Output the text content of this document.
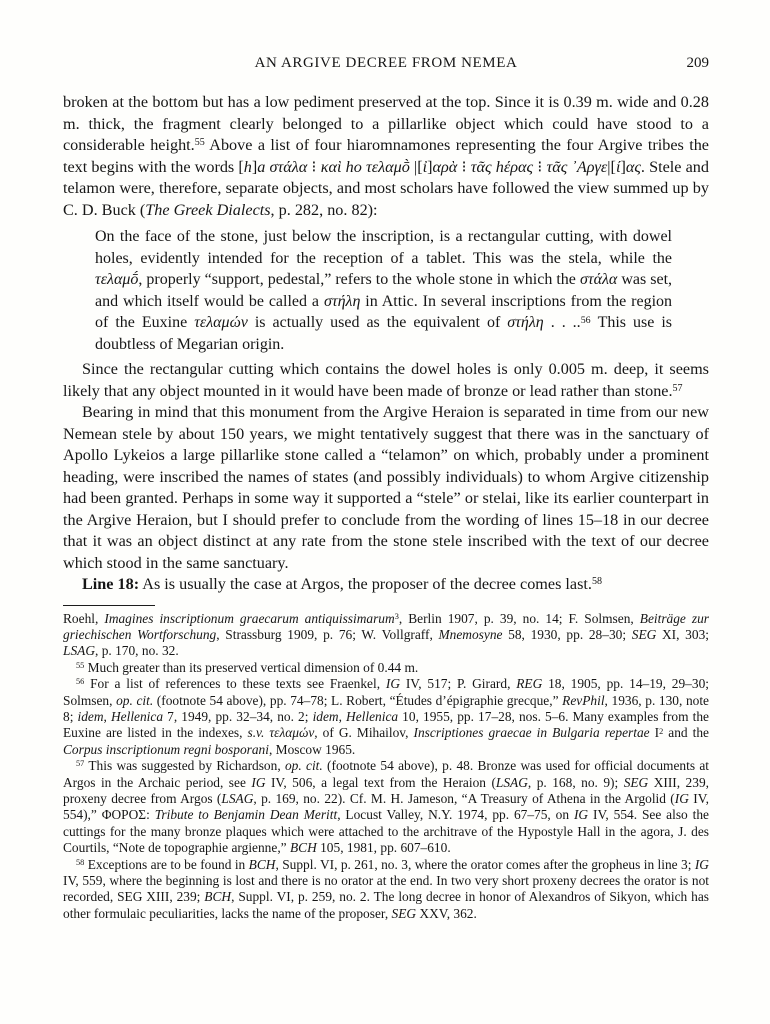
AN ARGIVE DECREE FROM NEMEA	209

broken at the bottom but has a low pediment preserved at the top. Since it is 0.39 m. wide and 0.28 m. thick, the fragment clearly belonged to a pillarlike object which could have stood to a considerable height.$^{55}$ Above a list of four hiaromnamones representing the four Argive tribes the text begins with the words [h]a στάλα ⁝ καὶ ho τελαμṑ |[ἰ]αρὰ ⁝ τᾶς hέρας ⁝ τᾶς ᾿Αργε|[ί]ας. Stele and telamon were, therefore, separate objects, and most scholars have followed the view summed up by C. D. Buck (The Greek Dialects, p. 282, no. 82):

On the face of the stone, just below the inscription, is a rectangular cutting, with dowel holes, evidently intended for the reception of a tablet. This was the stela, while the τελαμṓ, properly “support, pedestal,” refers to the whole stone in which the στάλα was set, and which itself would be called a στήλη in Attic. In several inscriptions from the region of the Euxine τελαμών is actually used as the equivalent of στήλη . . ..$^{56}$ This use is doubtless of Megarian origin.

Since the rectangular cutting which contains the dowel holes is only 0.005 m. deep, it seems likely that any object mounted in it would have been made of bronze or lead rather than stone.$^{57}$

Bearing in mind that this monument from the Argive Heraion is separated in time from our new Nemean stele by about 150 years, we might tentatively suggest that there was in the sanctuary of Apollo Lykeios a large pillarlike stone called a “telamon” on which, probably under a prominent heading, were inscribed the names of states (and possibly individuals) to whom Argive citizenship had been granted. Perhaps in some way it supported a “stele” or stelai, like its earlier counterpart in the Argive Heraion, but I should prefer to conclude from the wording of lines 15–18 in our decree that it was an object distinct at any rate from the stone stele inscribed with the text of our decree which stood in the same sanctuary.

Line 18: As is usually the case at Argos, the proposer of the decree comes last.$^{58}$

Roehl, Imagines inscriptionum graecarum antiquissimarum$^3$, Berlin 1907, p. 39, no. 14; F. Solmsen, Beiträge zur griechischen Wortforschung, Strassburg 1909, p. 76; W. Vollgraff, Mnemosyne 58, 1930, pp. 28–30; SEG XI, 303; LSAG, p. 170, no. 32.

$^{55}$ Much greater than its preserved vertical dimension of 0.44 m.

$^{56}$ For a list of references to these texts see Fraenkel, IG IV, 517; P. Girard, REG 18, 1905, pp. 14–19, 29–30; Solmsen, op. cit. (footnote 54 above), pp. 74–78; L. Robert, “Études d’épigraphie grecque,” RevPhil, 1936, p. 130, note 8; idem, Hellenica 7, 1949, pp. 32–34, no. 2; idem, Hellenica 10, 1955, pp. 17–28, nos. 5–6. Many examples from the Euxine are listed in the indexes, s.v. τελαμών, of G. Mihailov, Inscriptiones graecae in Bulgaria repertae $I^2$ and the Corpus inscriptionum regni bosporani, Moscow 1965.

$^{57}$ This was suggested by Richardson, op. cit. (footnote 54 above), p. 48. Bronze was used for official documents at Argos in the Archaic period, see IG IV, 506, a legal text from the Heraion (LSAG, p. 168, no. 9); SEG XIII, 239, proxeny decree from Argos (LSAG, p. 169, no. 22). Cf. M. H. Jameson, “A Treasury of Athena in the Argolid (IG IV, 554),” ΦΟΡΟΣ: Tribute to Benjamin Dean Meritt, Locust Valley, N.Y. 1974, pp. 67–75, on IG IV, 554. See also the cuttings for the many bronze plaques which were attached to the architrave of the Hypostyle Hall in the agora, J. des Courtils, “Note de topographie argienne,” BCH 105, 1981, pp. 607–610.

$^{58}$ Exceptions are to be found in BCH, Suppl. VI, p. 261, no. 3, where the orator comes after the gropheus in line 3; IG IV, 559, where the beginning is lost and there is no orator at the end. In two very short proxeny decrees the orator is not recorded, SEG XIII, 239; BCH, Suppl. VI, p. 259, no. 2. The long decree in honor of Alexandros of Sikyon, which has other formulaic peculiarities, lacks the name of the proposer, SEG XXV, 362.
